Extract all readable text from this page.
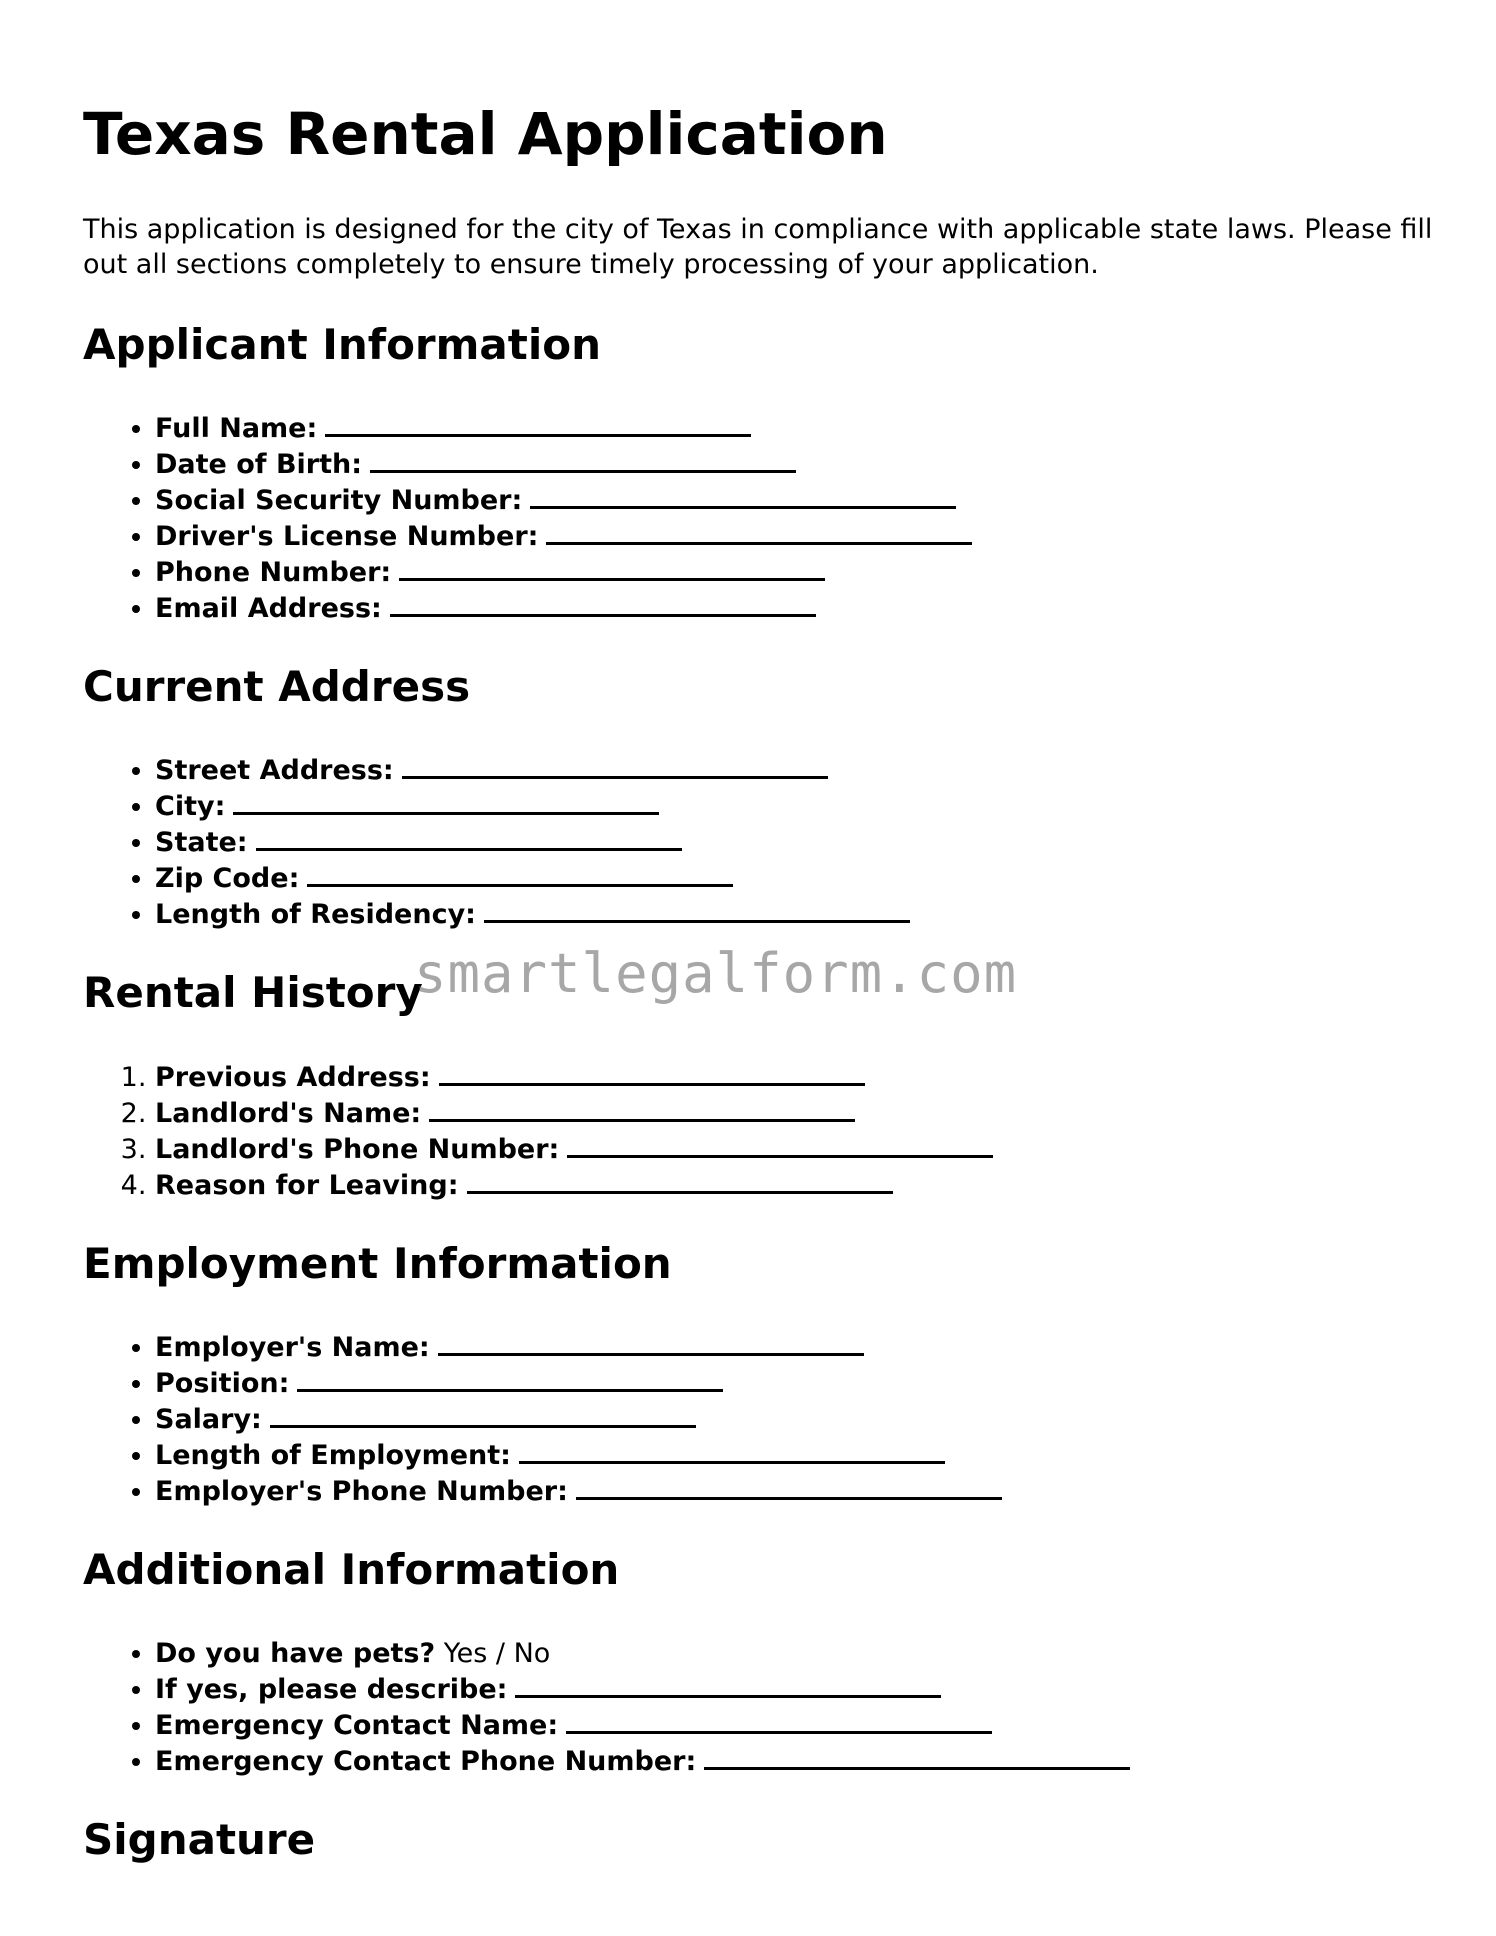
Texas Rental Application

This application is designed for the city of Texas in compliance with applicable state laws. Please fill out all sections completely to ensure timely processing of your application.

Applicant Information
• Full Name:
• Date of Birth:
• Social Security Number:
• Driver's License Number:
• Phone Number:
• Email Address:
Current Address
• Street Address:
• City:
• State:
• Zip Code:
• Length of Residency:
Rental History
1. Previous Address:
2. Landlord's Name:
3. Landlord's Phone Number:
4. Reason for Leaving:
Employment Information
• Employer's Name:
• Position:
• Salary:
• Length of Employment:
• Employer's Phone Number:
Additional Information
• Do you have pets? Yes / No
• If yes, please describe:
• Emergency Contact Name:
• Emergency Contact Phone Number:
Signature
smartlegalform.com
